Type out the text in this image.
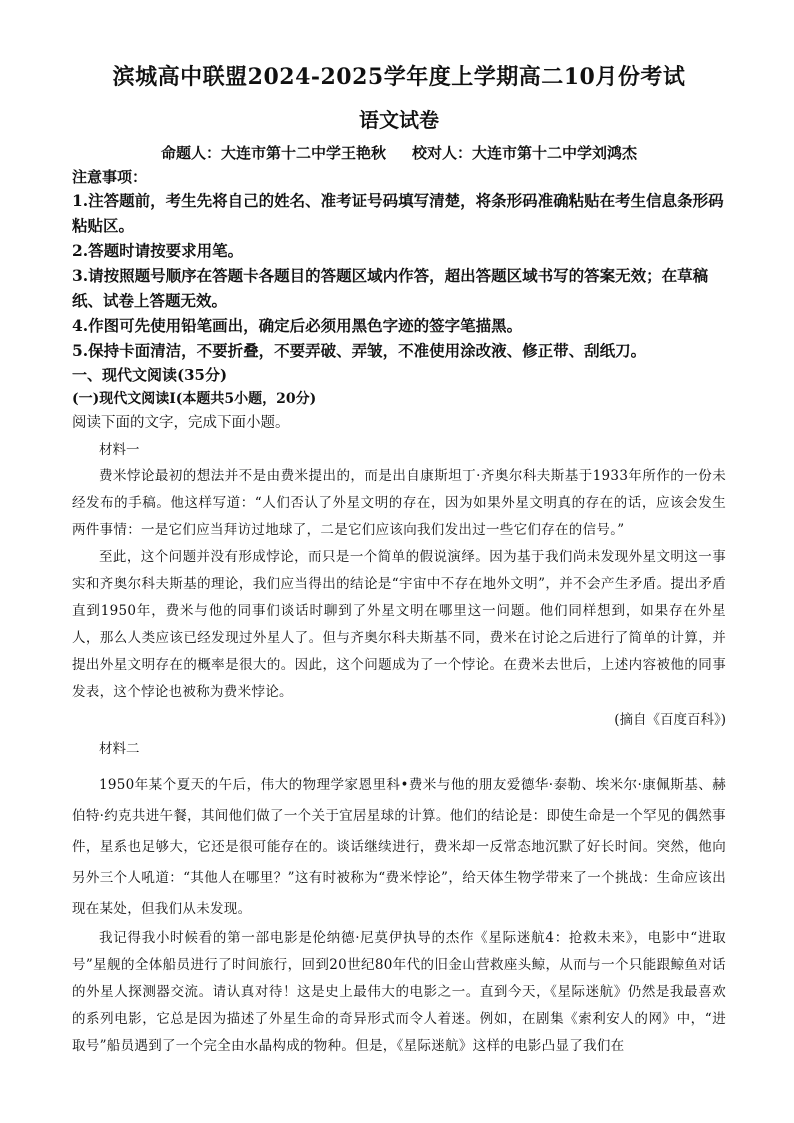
滨城高中联盟2024-2025学年度上学期高二10月份考试
语文试卷

命题人：大连市第十二中学王艳秋 校对人：大连市第十二中学刘鸿杰

注意事项：

1.注答题前，考生先将自己的姓名、准考证号码填写清楚，将条形码准确粘贴在考生信息条形码粘贴区。

2.答题时请按要求用笔。

3.请按照题号顺序在答题卡各题目的答题区域内作答，超出答题区域书写的答案无效；在草稿纸、试卷上答题无效。

4.作图可先使用铅笔画出，确定后必须用黑色字迹的签字笔描黑。

5.保持卡面清洁，不要折叠，不要弄破、弄皱，不准使用涂改液、修正带、刮纸刀。

一、现代文阅读(35分)

(一)现代文阅读Ⅰ(本题共5小题，20分)

阅读下面的文字，完成下面小题。

材料一

费米悖论最初的想法并不是由费米提出的，而是出自康斯坦丁·齐奥尔科夫斯基于1933年所作的一份未经发布的手稿。他这样写道：“人们否认了外星文明的存在，因为如果外星文明真的存在的话，应该会发生两件事情：一是它们应当拜访过地球了，二是它们应该向我们发出过一些它们存在的信号。”

至此，这个问题并没有形成悖论，而只是一个简单的假说演绎。因为基于我们尚未发现外星文明这一事实和齐奥尔科夫斯基的理论，我们应当得出的结论是“宇宙中不存在地外文明”，并不会产生矛盾。提出矛盾直到1950年，费米与他的同事们谈话时聊到了外星文明在哪里这一问题。他们同样想到，如果存在外星人，那么人类应该已经发现过外星人了。但与齐奥尔科夫斯基不同，费米在讨论之后进行了简单的计算，并提出外星文明存在的概率是很大的。因此，这个问题成为了一个悖论。在费米去世后，上述内容被他的同事发表，这个悖论也被称为费米悖论。

(摘自《百度百科》)

材料二

1950年某个夏天的午后，伟大的物理学家恩里科•费米与他的朋友爱德华·泰勒、埃米尔·康佩斯基、赫伯特·约克共进午餐，其间他们做了一个关于宜居星球的计算。他们的结论是：即使生命是一个罕见的偶然事件，星系也足够大，它还是很可能存在的。谈话继续进行，费米却一反常态地沉默了好长时间。突然，他向另外三个人吼道：“其他人在哪里？”这有时被称为“费米悖论”，给天体生物学带来了一个挑战：生命应该出现在某处，但我们从未发现。

我记得我小时候看的第一部电影是伦纳德·尼莫伊执导的杰作《星际迷航4：抢救未来》，电影中“进取号”星舰的全体船员进行了时间旅行，回到20世纪80年代的旧金山营救座头鲸，从而与一个只能跟鲸鱼对话的外星人探测器交流。请认真对待！这是史上最伟大的电影之一。直到今天，《星际迷航》仍然是我最喜欢的系列电影，它总是因为描述了外星生命的奇异形式而令人着迷。例如，在剧集《索利安人的网》中，“进取号”船员遇到了一个完全由水晶构成的物种。但是，《星际迷航》这样的电影凸显了我们在
